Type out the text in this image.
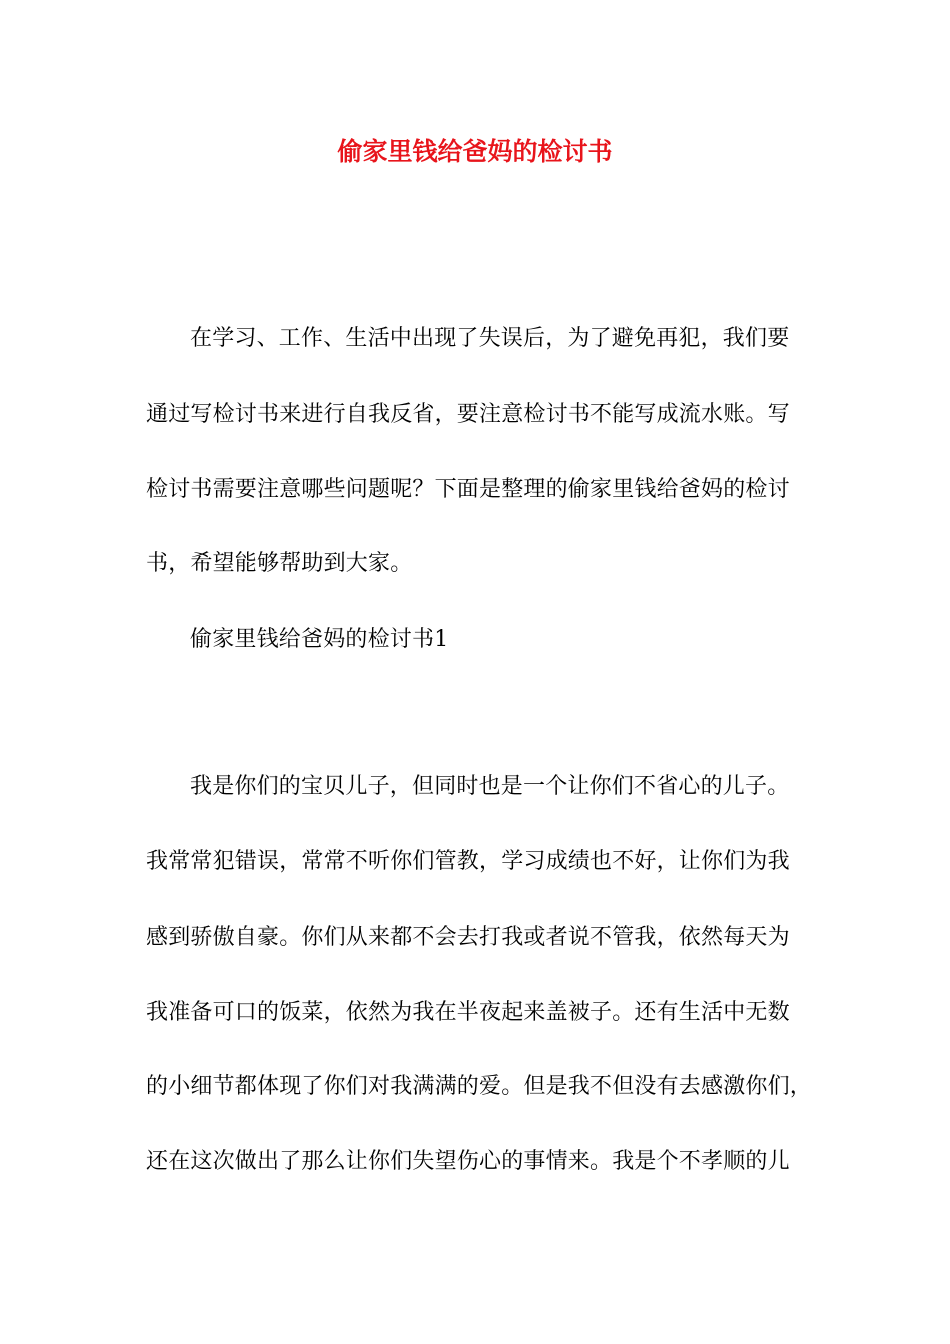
偷家里钱给爸妈的检讨书
在学习、工作、生活中出现了失误后，为了避免再犯，我们要
通过写检讨书来进行自我反省，要注意检讨书不能写成流水账。写
检讨书需要注意哪些问题呢？下面是整理的偷家里钱给爸妈的检讨
书，希望能够帮助到大家。
偷家里钱给爸妈的检讨书1
我是你们的宝贝儿子，但同时也是一个让你们不省心的儿子。
我常常犯错误，常常不听你们管教，学习成绩也不好，让你们为我
感到骄傲自豪。你们从来都不会去打我或者说不管我，依然每天为
我准备可口的饭菜，依然为我在半夜起来盖被子。还有生活中无数
的小细节都体现了你们对我满满的爱。但是我不但没有去感激你们，
还在这次做出了那么让你们失望伤心的事情来。我是个不孝顺的儿
